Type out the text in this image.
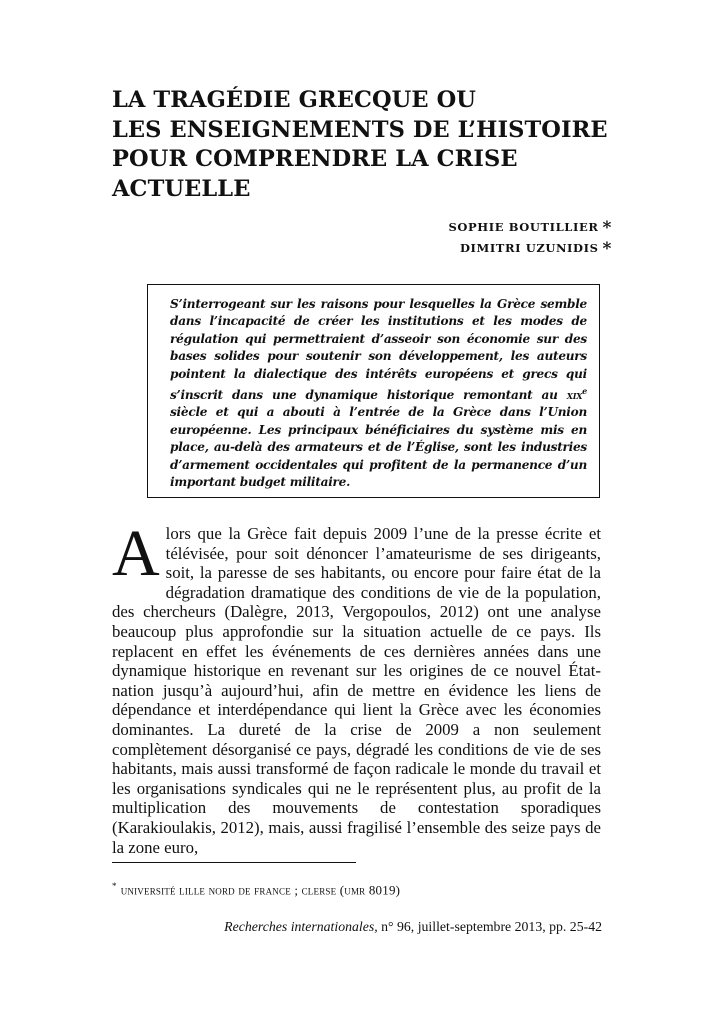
LA TRAGÉDIE GRECQUE OU
LES ENSEIGNEMENTS DE L’HISTOIRE
POUR COMPRENDRE LA CRISE
ACTUELLE
SOPHIE BOUTILLIER *
DIMITRI UZUNIDIS *

S’interrogeant sur les raisons pour lesquelles la Grèce semble dans l’incapacité de créer les institutions et les modes de régulation qui permettraient d’asseoir son économie sur des bases solides pour soutenir son développement, les auteurs pointent la dialectique des intérêts européens et grecs qui s’inscrit dans une dynamique historique remontant au xix$^e$ siècle et qui a abouti à l’entrée de la Grèce dans l’Union européenne. Les principaux bénéficiaires du système mis en place, au-delà des armateurs et de l’Église, sont les industries d’armement occidentales qui profitent de la permanence d’un important budget militaire.

Alors que la Grèce fait depuis 2009 l’une de la presse écrite et télévisée, pour soit dénoncer l’amateurisme de ses dirigeants, soit, la paresse de ses habitants, ou encore pour faire état de la dégradation dramatique des conditions de vie de la population, des chercheurs (Dalègre, 2013, Vergopoulos, 2012) ont une analyse beaucoup plus approfondie sur la situation actuelle de ce pays. Ils replacent en effet les événements de ces dernières années dans une dynamique historique en revenant sur les origines de ce nouvel État-nation jusqu’à aujourd’hui, afin de mettre en évidence les liens de dépendance et interdépendance qui lient la Grèce avec les économies dominantes. La dureté de la crise de 2009 a non seulement complètement désorganisé ce pays, dégradé les conditions de vie de ses habitants, mais aussi transformé de façon radicale le monde du travail et les organisations syndicales qui ne le représentent plus, au profit de la multiplication des mouvements de contestation sporadiques (Karakioulakis, 2012), mais, aussi fragilisé l’ensemble des seize pays de la zone euro,

* université lille nord de france ; clerse (umr 8019)
Recherches internationales, n° 96, juillet-septembre 2013, pp. 25-42
